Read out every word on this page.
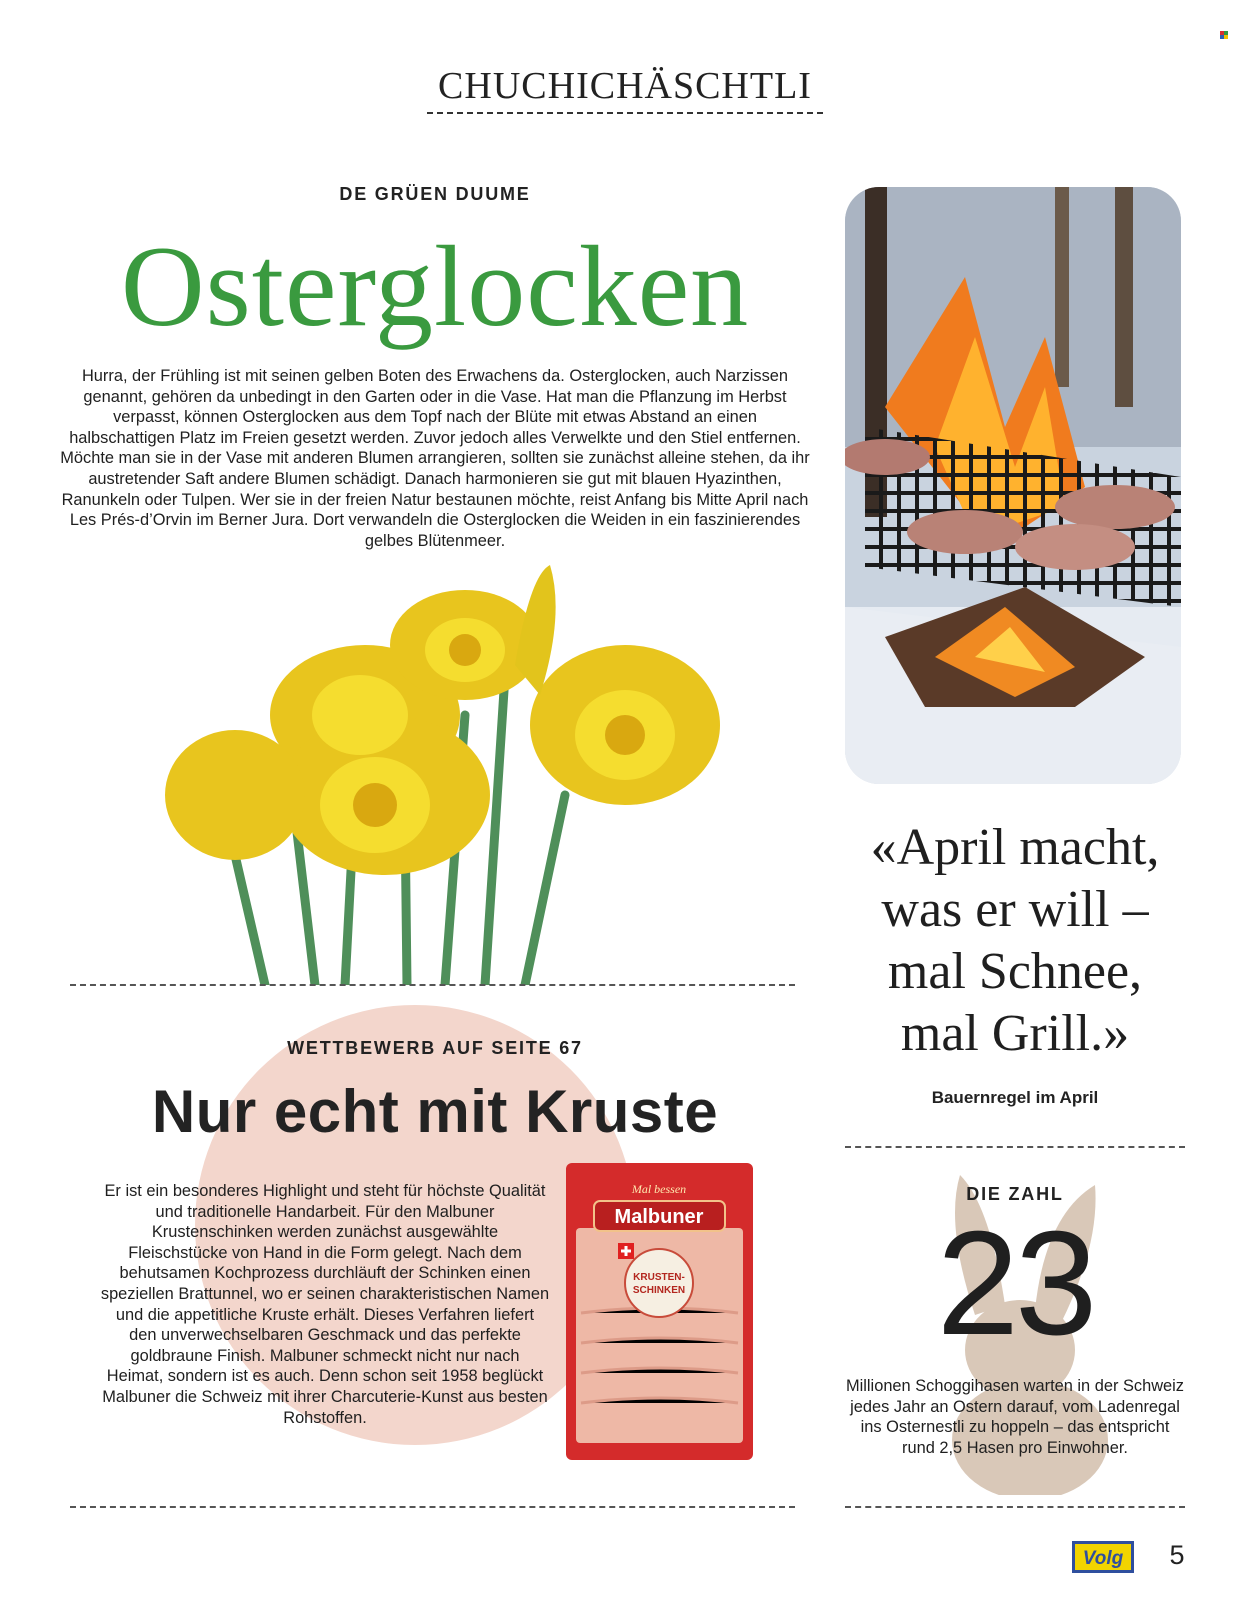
CHUCHICHÄSCHTLI
DE GRÜEN DUUME
Osterglocken
Hurra, der Frühling ist mit seinen gelben Boten des Erwachens da. Osterglocken, auch Narzissen genannt, gehören da unbedingt in den Garten oder in die Vase. Hat man die Pflanzung im Herbst verpasst, können Osterglocken aus dem Topf nach der Blüte mit etwas Abstand an einen halbschattigen Platz im Freien gesetzt werden. Zuvor jedoch alles Verwelkte und den Stiel entfernen. Möchte man sie in der Vase mit anderen Blumen arrangieren, sollten sie zunächst alleine stehen, da ihr austretender Saft andere Blumen schädigt. Danach harmonieren sie gut mit blauen Hyazinthen, Ranunkeln oder Tulpen. Wer sie in der freien Natur bestaunen möchte, reist Anfang bis Mitte April nach Les Prés-d’Orvin im Berner Jura. Dort verwandeln die Osterglocken die Weiden in ein faszinierendes gelbes Blütenmeer.
WETTBEWERB AUF SEITE 67
Nur echt mit Kruste
Er ist ein besonderes Highlight und steht für höchste Qualität und traditionelle Handarbeit. Für den Malbuner Krustenschinken werden zunächst ausgewählte Fleischstücke von Hand in die Form gelegt. Nach dem behutsamen Kochprozess durchläuft der Schinken einen speziellen Brattunnel, wo er seinen charakteristischen Namen und die appetitliche Kruste erhält. Dieses Verfahren liefert den unverwechselbaren Geschmack und das perfekte goldbraune Finish. Malbuner schmeckt nicht nur nach Heimat, sondern ist es auch. Denn schon seit 1958 beglückt Malbuner die Schweiz mit ihrer Charcuterie-Kunst aus besten Rohstoffen.
Mal bessen
Malbuner
KRUSTEN-
SCHINKEN
«April macht,
was er will –
mal Schnee,
mal Grill.»
Bauernregel im April
DIE ZAHL
23
Millionen Schoggihasen warten in der Schweiz jedes Jahr an Ostern darauf, vom Ladenregal ins Osternestli zu hoppeln – das entspricht rund 2,5 Hasen pro Einwohner.
Volg 5
